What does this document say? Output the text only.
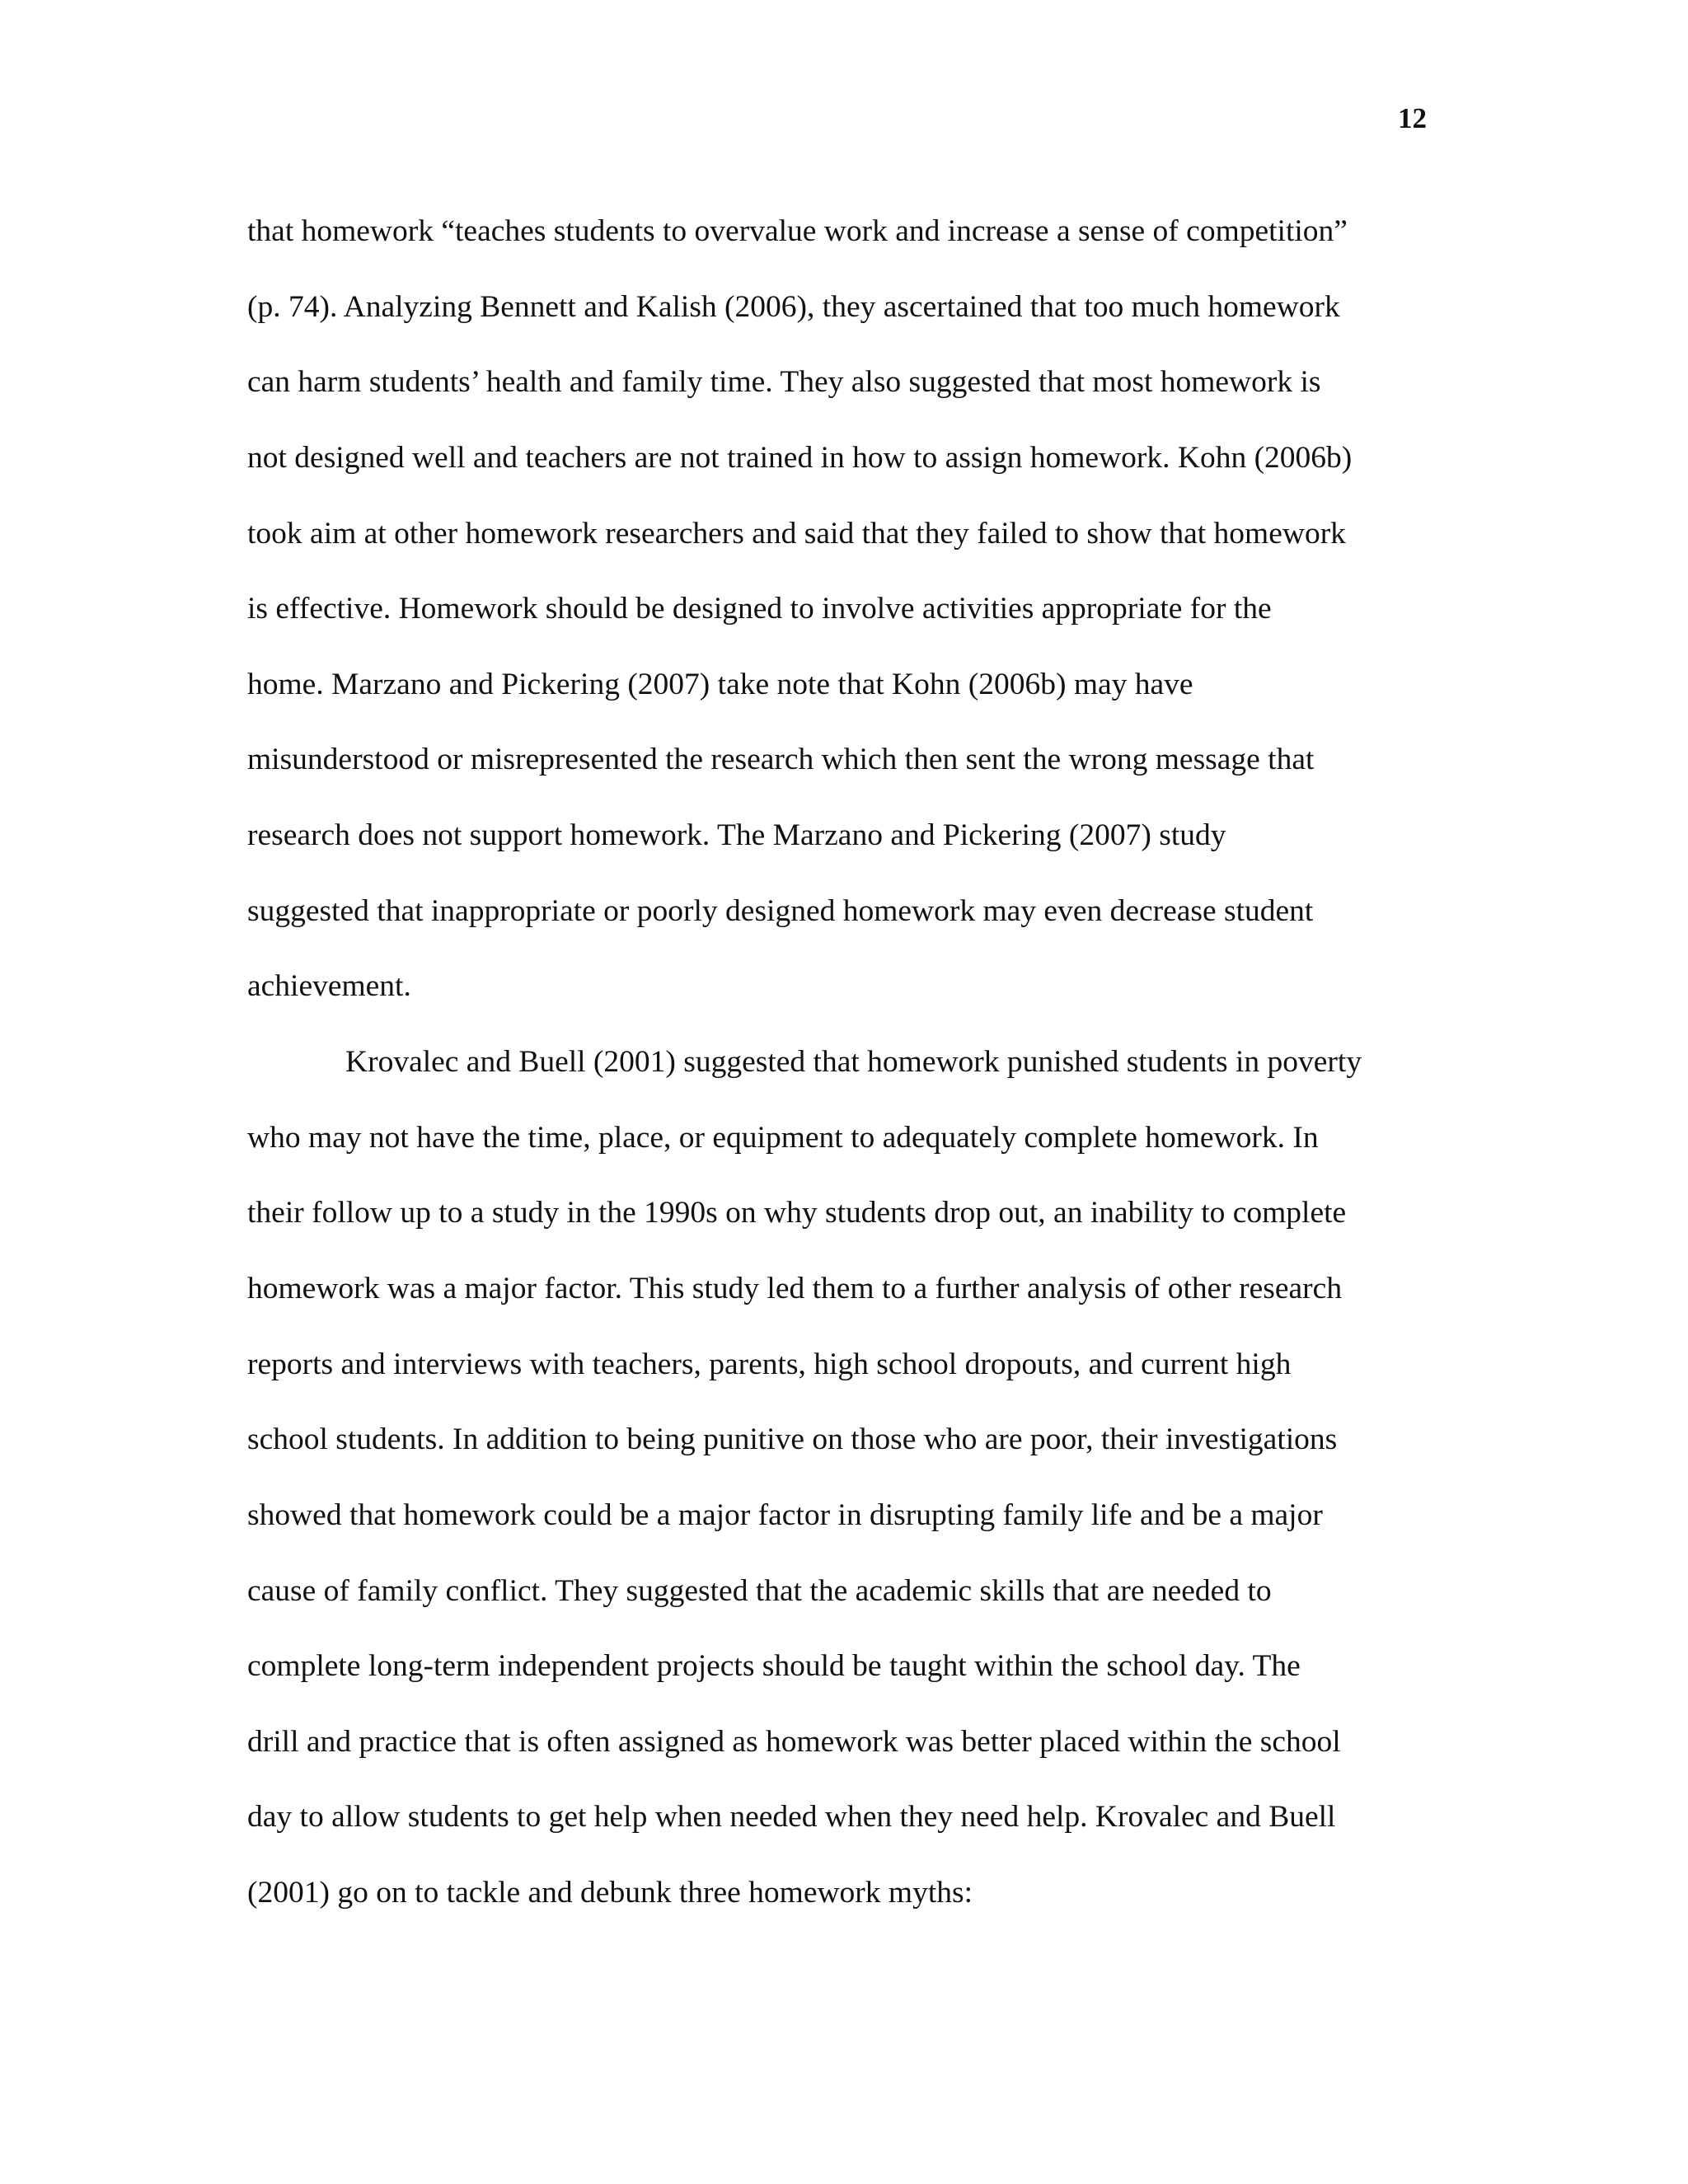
12
that homework “teaches students to overvalue work and increase a sense of competition”
(p. 74). Analyzing Bennett and Kalish (2006), they ascertained that too much homework
can harm students’ health and family time. They also suggested that most homework is
not designed well and teachers are not trained in how to assign homework. Kohn (2006b)
took aim at other homework researchers and said that they failed to show that homework
is effective. Homework should be designed to involve activities appropriate for the
home. Marzano and Pickering (2007) take note that Kohn (2006b) may have
misunderstood or misrepresented the research which then sent the wrong message that
research does not support homework. The Marzano and Pickering (2007) study
suggested that inappropriate or poorly designed homework may even decrease student
achievement.
Krovalec and Buell (2001) suggested that homework punished students in poverty
who may not have the time, place, or equipment to adequately complete homework. In
their follow up to a study in the 1990s on why students drop out, an inability to complete
homework was a major factor. This study led them to a further analysis of other research
reports and interviews with teachers, parents, high school dropouts, and current high
school students. In addition to being punitive on those who are poor, their investigations
showed that homework could be a major factor in disrupting family life and be a major
cause of family conflict. They suggested that the academic skills that are needed to
complete long-term independent projects should be taught within the school day. The
drill and practice that is often assigned as homework was better placed within the school
day to allow students to get help when needed when they need help. Krovalec and Buell
(2001) go on to tackle and debunk three homework myths:
